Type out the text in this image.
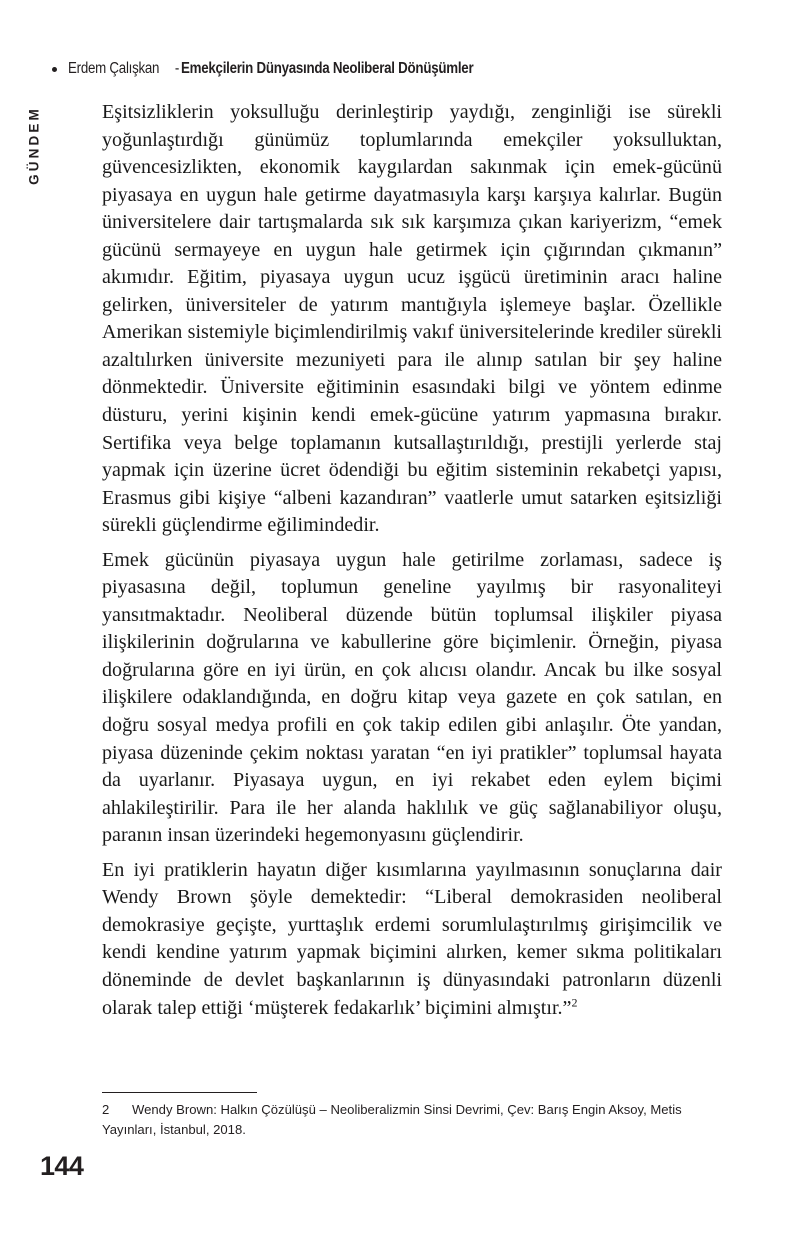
Erdem Çalışkan - Emekçilerin Dünyasında Neoliberal Dönüşümler
GÜNDEM	Eşitsizliklerin yoksulluğu derinleştirip yaydığı, zenginliği ise sürekli yoğunlaştırdığı günümüz toplumlarında emekçiler yoksulluktan, güvencesizlikten, ekonomik kaygılardan sakınmak için emek-gücünü piyasaya en uygun hale getirme dayatmasıyla karşı karşıya kalırlar. Bugün üniversitelere dair tartışmalarda sık sık karşımıza çıkan kariyerizm, “emek gücünü sermayeye en uygun hale getirmek için çığırından çıkmanın” akımıdır. Eğitim, piyasaya uygun ucuz işgücü üretiminin aracı haline gelirken, üniversiteler de yatırım mantığıyla işlemeye başlar. Özellikle Amerikan sistemiyle biçimlendirilmiş vakıf üniversitelerinde krediler sürekli azaltılırken üniversite mezuniyeti para ile alınıp satılan bir şey haline dönmektedir. Üniversite eğitiminin esasındaki bilgi ve yöntem edinme düsturu, yerini kişinin kendi emek-gücüne yatırım yapmasına bırakır. Sertifika veya belge toplamanın kutsallaştırıldığı, prestijli yerlerde staj yapmak için üzerine ücret ödendiği bu eğitim sisteminin rekabetçi yapısı, Erasmus gibi kişiye “albeni kazandıran” vaatlerle umut satarken eşitsizliği sürekli güçlendirme eğilimindedir.

Emek gücünün piyasaya uygun hale getirilme zorlaması, sadece iş piyasasına değil, toplumun geneline yayılmış bir rasyonaliteyi yansıtmaktadır. Neoliberal düzende bütün toplumsal ilişkiler piyasa ilişkilerinin doğrularına ve kabullerine göre biçimlenir. Örneğin, piyasa doğrularına göre en iyi ürün, en çok alıcısı olandır. Ancak bu ilke sosyal ilişkilere odaklandığında, en doğru kitap veya gazete en çok satılan, en doğru sosyal medya profili en çok takip edilen gibi anlaşılır. Öte yandan, piyasa düzeninde çekim noktası yaratan “en iyi pratikler” toplumsal hayata da uyarlanır. Piyasaya uygun, en iyi rekabet eden eylem biçimi ahlakileştirilir. Para ile her alanda haklılık ve güç sağlanabiliyor oluşu, paranın insan üzerindeki hegemonyasını güçlendirir.

En iyi pratiklerin hayatın diğer kısımlarına yayılmasının sonuçlarına dair Wendy Brown şöyle demektedir: “Liberal demokrasiden neoliberal demokrasiye geçişte, yurttaşlık erdemi sorumlulaştırılmış girişimcilik ve kendi kendine yatırım yapmak biçimini alırken, kemer sıkma politikaları döneminde de devlet başkanlarının iş dünyasındaki patronların düzenli olarak talep ettiği ‘müşterek fedakarlık’ biçimini almıştır.”$^2$

2 Wendy Brown: Halkın Çözülüşü – Neoliberalizmin Sinsi Devrimi, Çev: Barış Engin Aksoy, Metis Yayınları, İstanbul, 2018.

144
